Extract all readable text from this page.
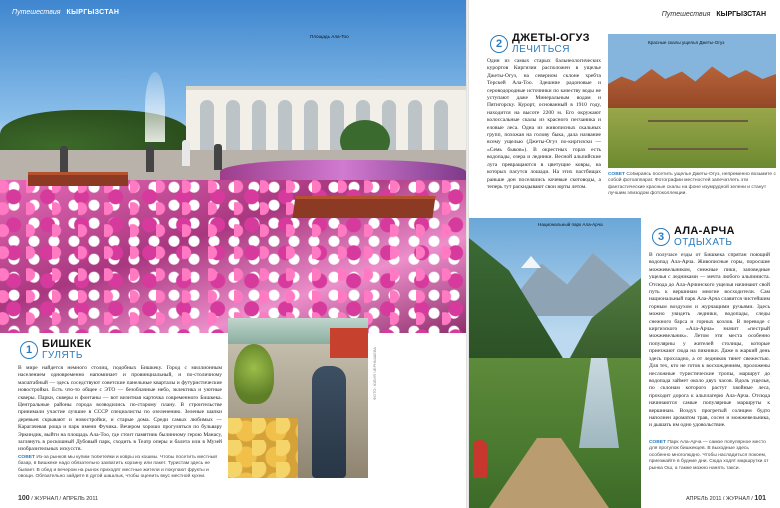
Путешествия КЫРГЫЗСТАН
Площадь Ала-Тоо
1 БИШКЕК
ГУЛЯТЬ
В мире найдется немного столиц, подобных Бишкеку. Город с миллионным населением одновременно напоминает и провинциальный, и по-столичному масштабный — здесь соседствуют советские панельные кварталы и футуристические новостройки. Есть что-то общее с ЭТО — безоблачные небо, эклектика и уютные скверы. Парки, скверы и фонтаны — вот визитная карточка современного Бишкека. Центральные районы города возводились по-старому плану. В строительстве принимали участие лучшие в СССР специалисты по озеленению. Зеленые шапки деревьев скрывают и новостройки, и старые дома. Среди самых любимых — Карагачевая роща и парк имени Фучика. Вечером хорошо прогуляться по бульвару Эркиндик, выйти на площадь Ала-Тоо, где стоит памятник былинному герою Манасу, заглянуть в роскошный Дубовый парк, сходить в Театр оперы и балета или в Музей изобразительных искусств.
СОВЕТ Из-за рынков мы купим тюбетейки и ковры из кошмы. Чтобы посетить местный базар, в Бишкеке надо обязательно захватить корзину или пакет. Туристам здесь не бывает. В обед и вечером на рынок приходят местные жители и покупают фрукты и овощи. Обязательно зайдите в дугой шашлык, чтобы оценить вкус местной кухни.
ФОТО: ЮЛИЯ ЧЕРНЫШЕВА
100 / ЖУРНАЛ / АПРЕЛЬ 2011
Путешествия КЫРГЫЗСТАН
2 ДЖЕТЫ-ОГУЗ
ЛЕЧИТЬСЯ
Один из самых старых бальнеологических курортов Киргизии расположен в ущелье Джеты-Огуз, на северном склоне хребта Терскей Ала-Тоо. Здешние радоновые и сероводородные источники по качеству воды не уступают даже Минеральным водам и Пятигорску. Курорт, основанный в 1910 году, находится на высоте 2200 м. Его окружают колоссальные скалы из красного песчаника и еловые леса. Одна из живописных скальных групп, похожая на голову быка, дала название всему ущелью (Джеты-Огуз по-киргизски — «Семь быков»). В окрестных горах есть водопады, озера и ледники. Весной альпийские луга превращаются в цветущие ковры, на которых пасутся лошади. На этих пастбищах раньше дон поселялись кочевые скотоводы, а теперь тут раскидывают свои юрты летом.
Красные скалы ущелья Джеты-Огуз
СОВЕТ Собираясь посетить ущелье Джеты-Огуз, непременно возьмите с собой фотоаппарат. Фотографии местностей запечатлеть эти фантастические красные скалы на фоне изумрудной зелени и станут лучшим эпизодом фотоколлекции.
Национальный парк Ала-Арча
3 АЛА-АРЧА
ОТДЫХАТЬ
В получасе езды от Бишкека спрятан поющий водопад Ала-Арча. Живописные горы, поросшие можжевельником, снежные пики, заповедные ущелья с ледниками — мечта любого альпиниста. Отсюда до Ала-Арчинского ущелья начинают свой путь к вершинам многие восходители. Сам национальный парк Ала-Арча славится чистейшим горным воздухом и журчащими ручьями. Здесь можно увидеть ледники, водопады, следы снежного барса и горных козлов. В переводе с киргизского «Ала-Арча» значит «пестрый можжевельник». Летом эти места особенно популярны у жителей столицы, которые приезжают сюда на пикники. Даже в жаркий день здесь прохладно, а от ледников тянет свежестью. Для тех, кто не готов к восхождениям, проложены несложные туристические тропы, маршрут до водопада займет около двух часов. Вдоль ущелья, по склонам которого растут хвойные леса, проходит дорога к альплагерю Ала-Арча. Отсюда начинаются самые популярные маршруты к вершинам. Воздух прогретый солнцем будто наполнен ароматом трав, сосен и можжевельника, и дышать им одно удовольствие.
СОВЕТ Парк Ала-Арча — самое популярное место для прогулок бишкекцев. В выходные здесь особенно многолюдно. Чтобы насладиться покоем, приезжайте в будние дни. Сюда ходят маршрутки от рынка Ош, а также можно нанять такси.
АПРЕЛЬ 2011 / ЖУРНАЛ / 101
